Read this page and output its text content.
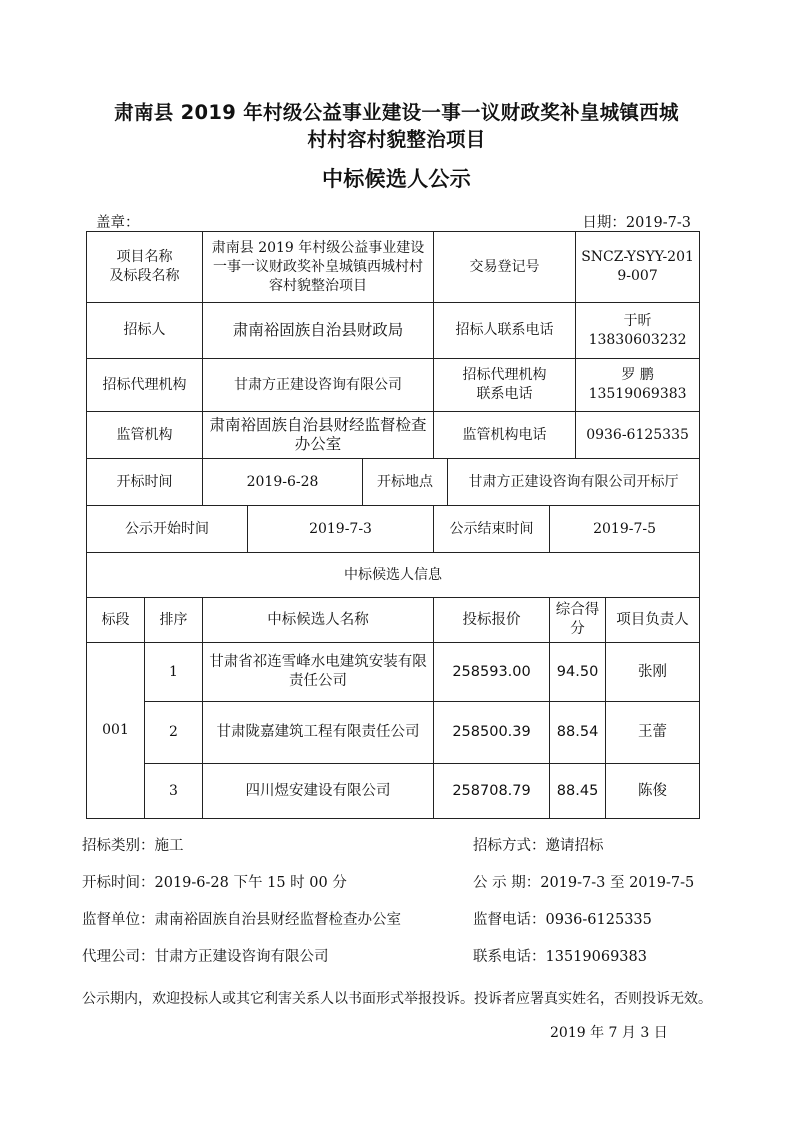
肃南县 2019 年村级公益事业建设一事一议财政奖补皇城镇西城
村村容村貌整治项目
中标候选人公示
盖章：	日期：2019-7-3
项目名称
及标段名称		肃南县 2019 年村级公益事业建设一事一议财政奖补皇城镇西城村村容村貌整治项目			交易登记号			SNCZ-YSYY-2019-007	
招标人		肃南裕固族自治县财政局			招标人联系电话			于昕
13830603232	
招标代理机构		甘肃方正建设咨询有限公司			招标代理机构
联系电话			罗 鹏
13519069383	
监管机构		肃南裕固族自治县财经监督检查办公室			监管机构电话			0936-6125335	
开标时间		2019-6-28		开标地点		甘肃方正建设咨询有限公司开标厅			
公示开始时间			2019-7-3		公示结束时间		2019-7-5		
中标候选人信息									
标段	排序	中标候选人名称			投标报价		综合得分		项目负责人
001	1	甘肃省祁连雪峰水电建筑安装有限责任公司			258593.00		94.50		张刚
	2	甘肃陇嘉建筑工程有限责任公司			258500.39		88.54		王蕾
	3	四川煜安建设有限公司			258708.79		88.45		陈俊
招标类别：施工	招标方式：邀请招标
开标时间：2019-6-28 下午 15 时 00 分	公 示 期：2019-7-3 至 2019-7-5
监督单位：肃南裕固族自治县财经监督检查办公室	监督电话：0936-6125335
代理公司：甘肃方正建设咨询有限公司	联系电话：13519069383
公示期内，欢迎投标人或其它利害关系人以书面形式举报投诉。投诉者应署真实姓名，否则投诉无效。
2019 年 7 月 3 日
